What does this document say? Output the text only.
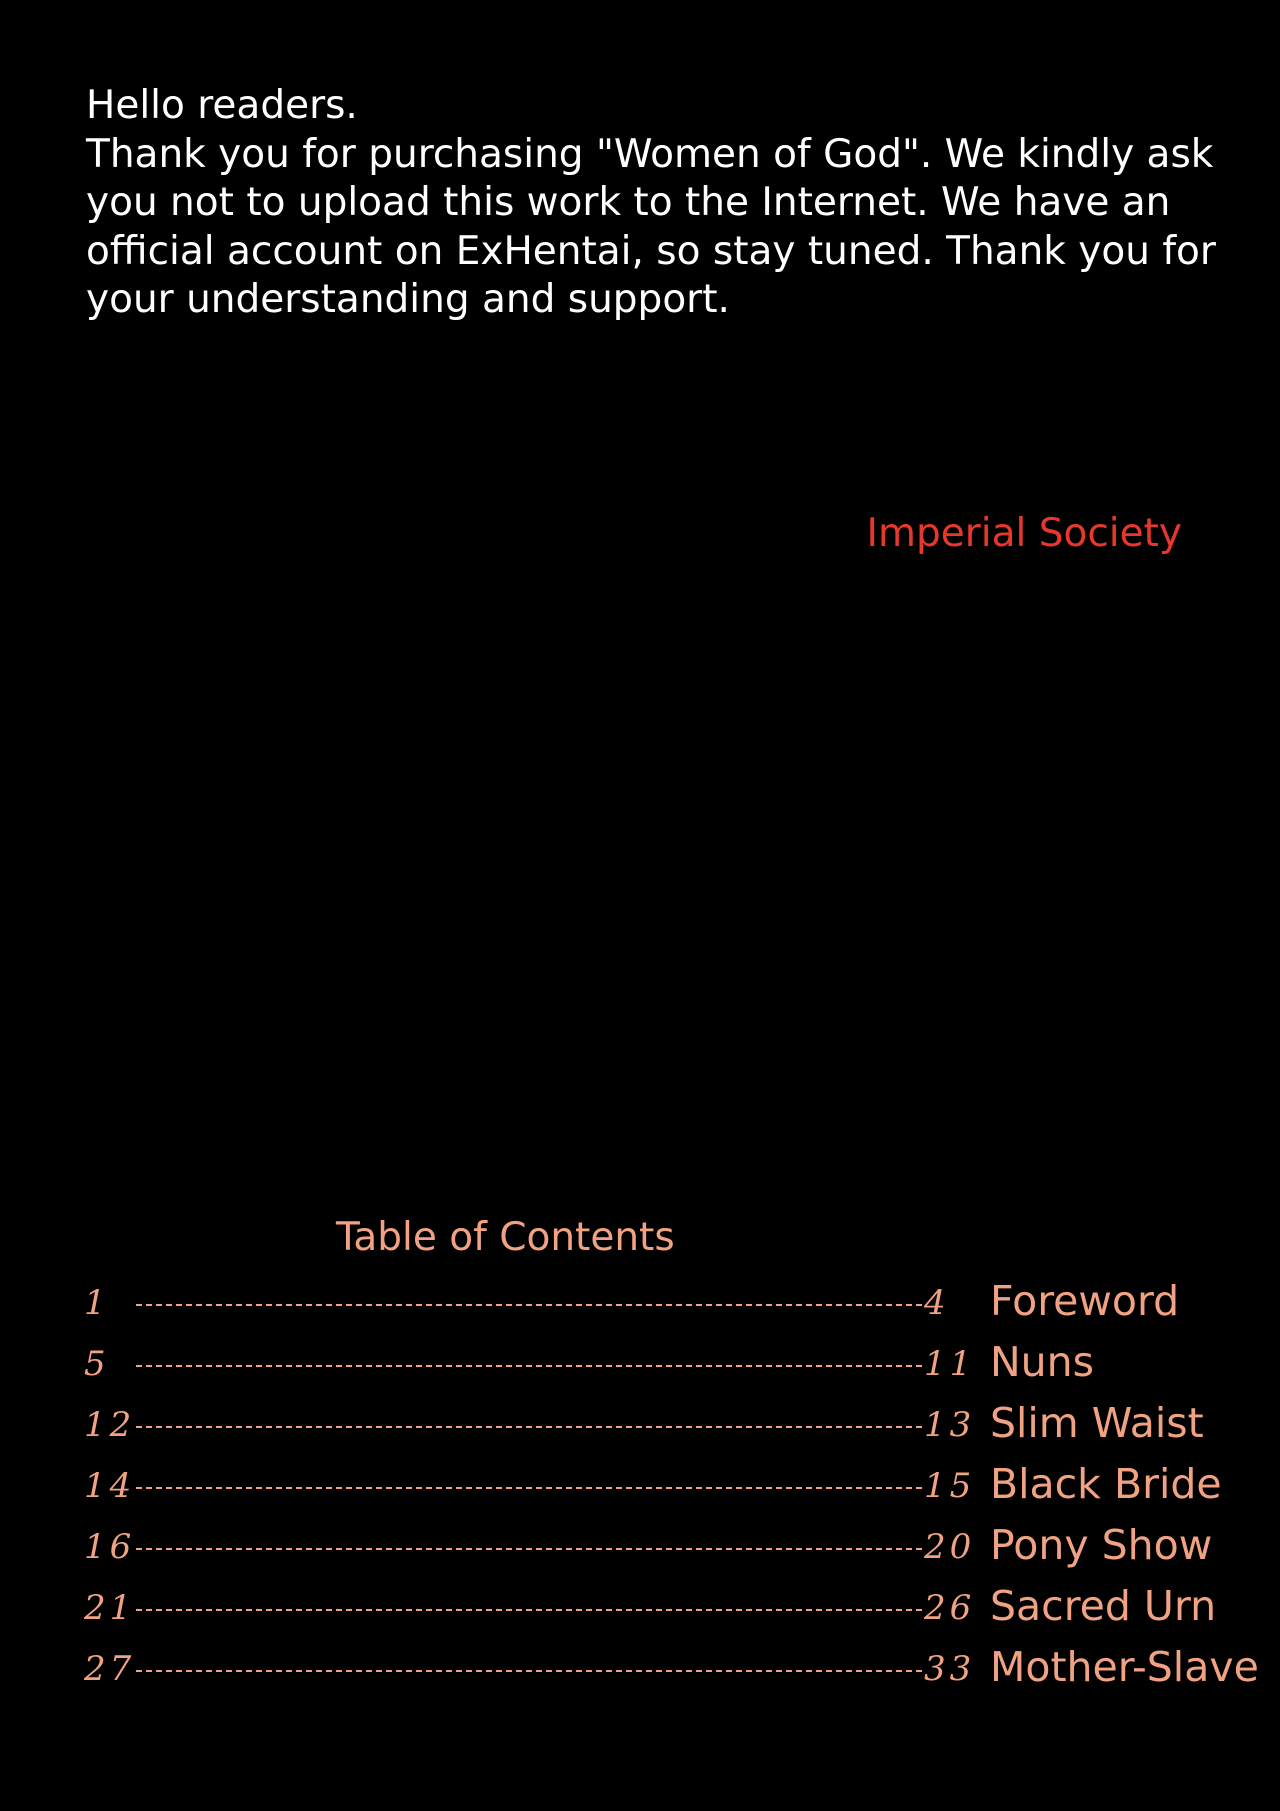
Hello readers.

Thank you for purchasing "Women of God". We kindly ask you not to upload this work to the Internet. We have an official account on ExHentai, so stay tuned. Thank you for your understanding and support.

Imperial Society
Table of Contents
1	4 Foreword
5	11 Nuns
12	13 Slim Waist
14	15 Black Bride
16	20 Pony Show
21	26 Sacred Urn
27	33 Mother-Slave
